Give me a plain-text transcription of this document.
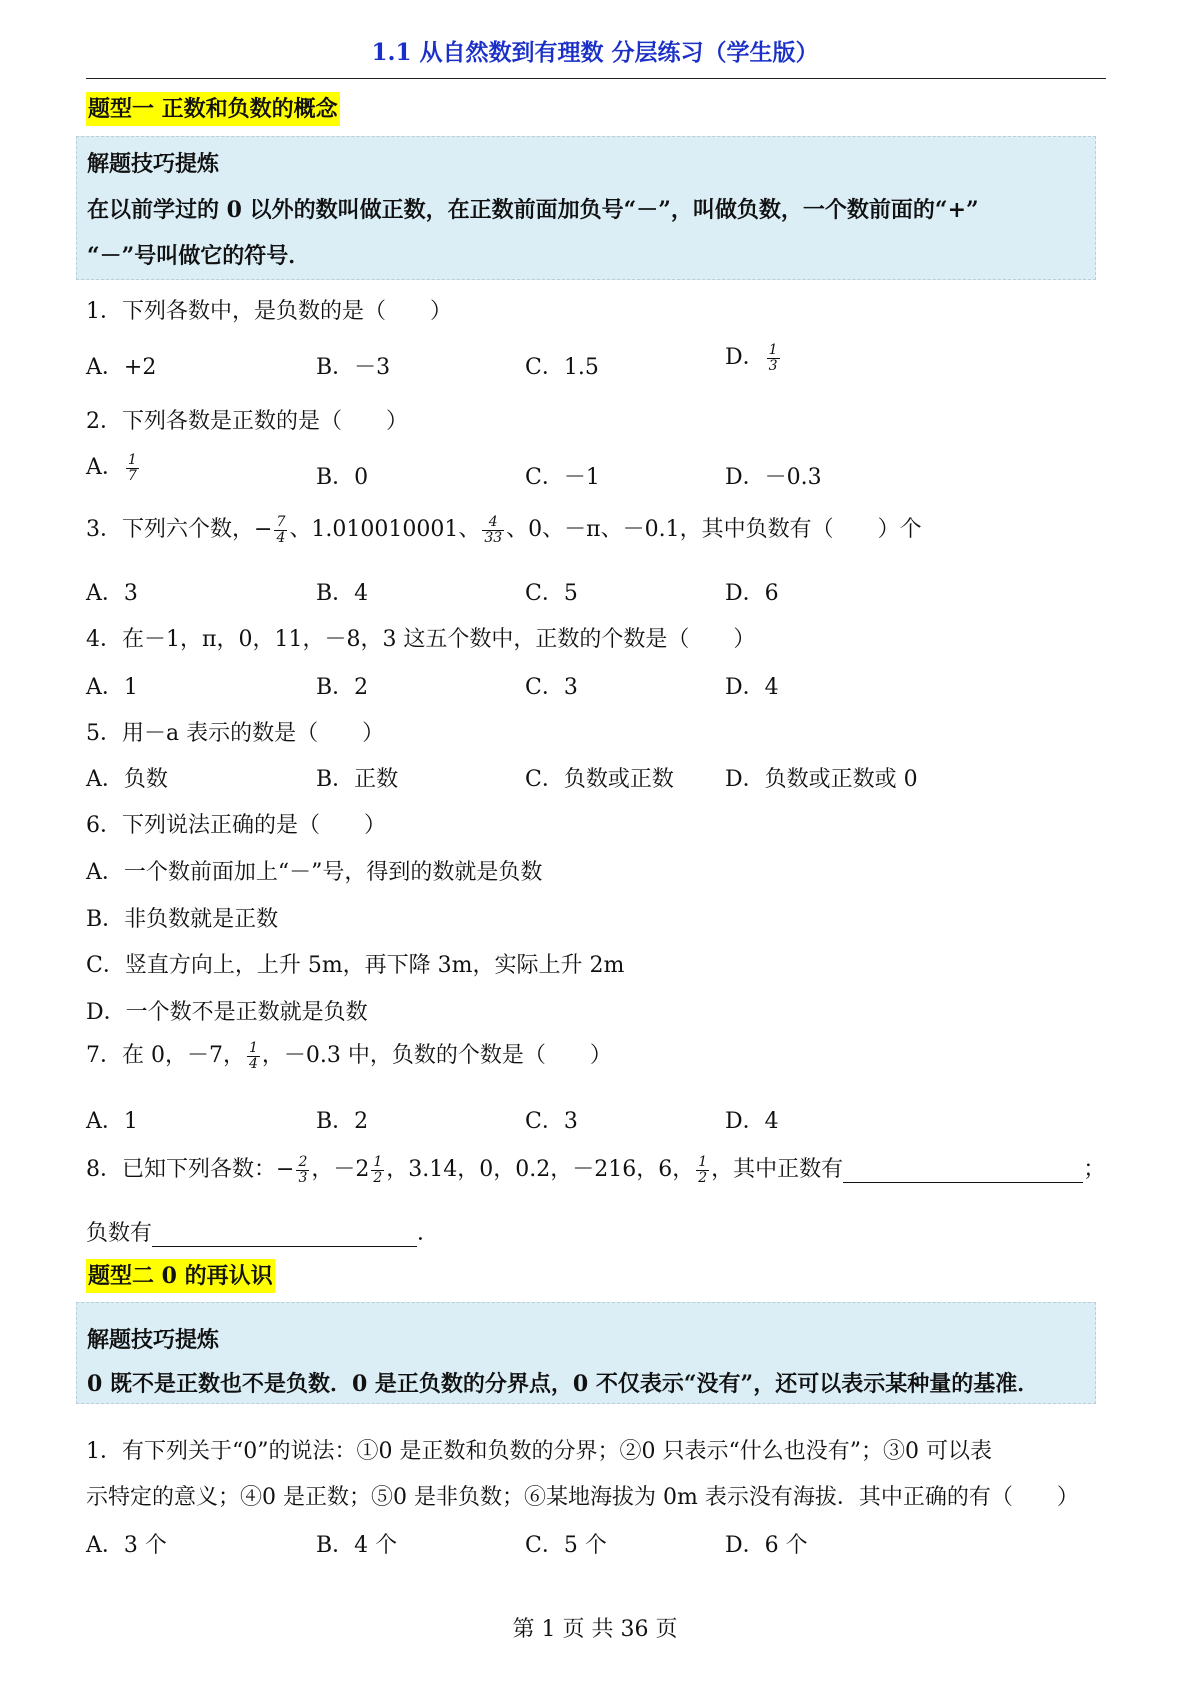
1.1 从自然数到有理数 分层练习（学生版）
题型一 正数和负数的概念
解题技巧提炼
在以前学过的 0 以外的数叫做正数，在正数前面加负号“－”，叫做负数，一个数前面的“+”
“－”号叫做它的符号．
1．下列各数中，是负数的是（　　）
A．+2	B．－3	C．1.5	D． $\frac{1}{3}$
2．下列各数是正数的是（　　）
A． $\frac{1}{7}$	B．0	C．－1	D．－0.3
3．下列六个数，− $\frac{7}{4}$ 、1.010010001、 $\frac{4}{33}$ 、0、－π、－0.1，其中负数有（　　）个
A．3	B．4	C．5	D．6
4．在－1，π，0，11，－8，3 这五个数中，正数的个数是（　　）
A．1	B．2	C．3	D．4
5．用－a 表示的数是（　　）
A．负数	B．正数	C．负数或正数 D．负数或正数或 0
6．下列说法正确的是（　　）
A．一个数前面加上“－”号，得到的数就是负数
B．非负数就是正数
C．竖直方向上，上升 5m，再下降 3m，实际上升 2m
D．一个数不是正数就是负数
7．在 0，－7， $\frac{1}{4}$ ，－0.3 中，负数的个数是（　　）
A．1	B．2	C．3	D．4
8．已知下列各数：− $\frac{2}{3}$ ，$-2 \frac{1}{2}$ ，3.14，0，0.2，－216，6， $\frac{1}{2}$ ，其中正数有	；
负数有	．
题型二 0 的再认识
解题技巧提炼
0 既不是正数也不是负数．0 是正负数的分界点，0 不仅表示“没有”，还可以表示某种量的基准．
1．有下列关于“0”的说法：①0 是正数和负数的分界；②0 只表示“什么也没有”；③0 可以表
示特定的意义；④0 是正数；⑤0 是非负数；⑥某地海拔为 0m 表示没有海拔．其中正确的有（　　）
A．3 个	B．4 个	C．5 个	D．6 个
第 1 页 共 36 页
